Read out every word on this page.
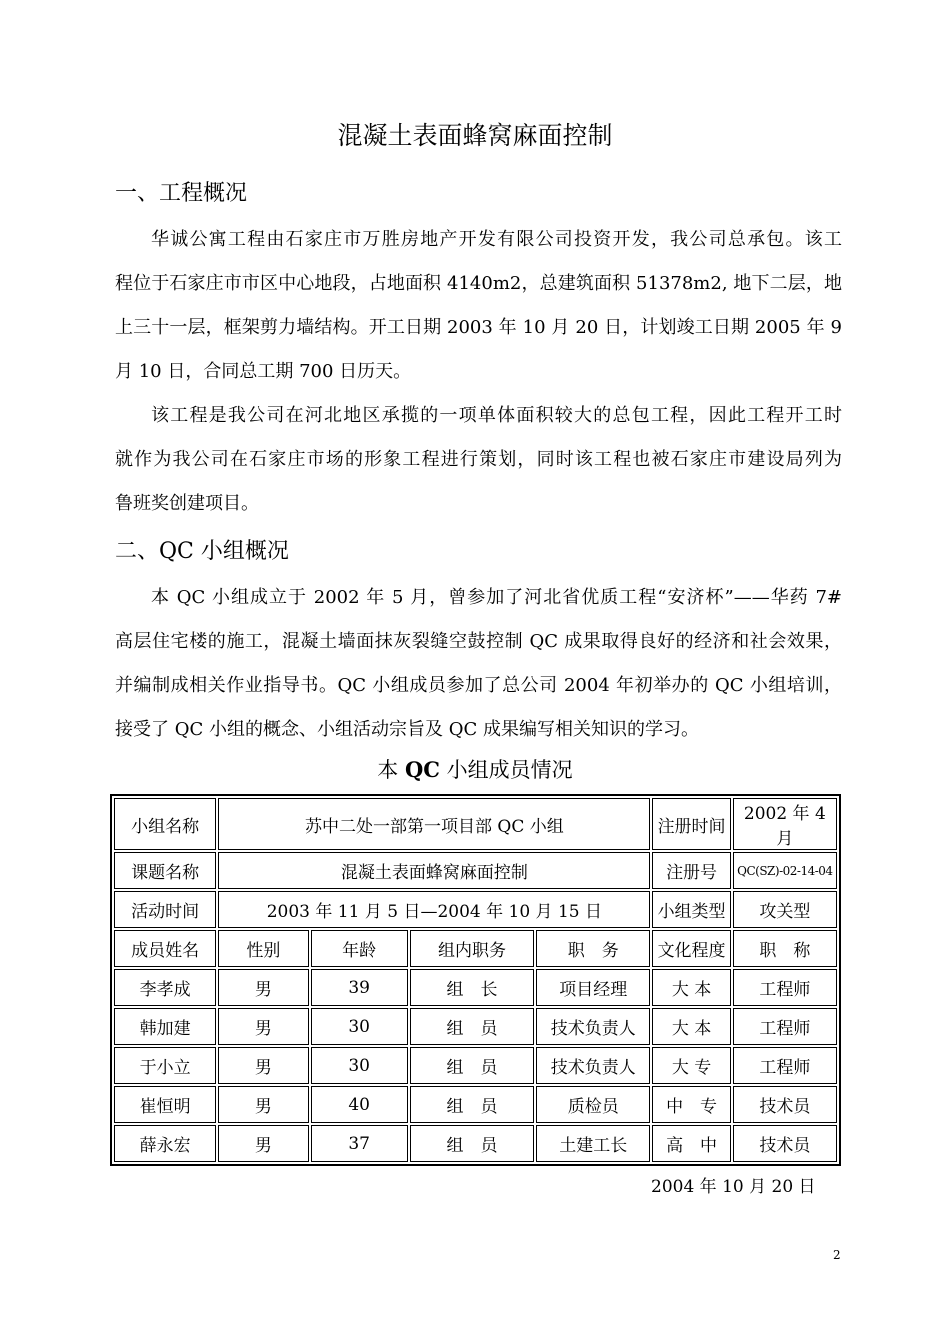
混凝土表面蜂窝麻面控制
一、工程概况
华诚公寓工程由石家庄市万胜房地产开发有限公司投资开发，我公司总承包。该工
程位于石家庄市市区中心地段，占地面积 4140m2，总建筑面积 51378m2, 地下二层，地
上三十一层，框架剪力墙结构。开工日期 2003 年 10 月 20 日，计划竣工日期 2005 年 9
月 10 日，合同总工期 700 日历天。
该工程是我公司在河北地区承揽的一项单体面积较大的总包工程，因此工程开工时
就作为我公司在石家庄市场的形象工程进行策划，同时该工程也被石家庄市建设局列为
鲁班奖创建项目。
二、QC 小组概况
本 QC 小组成立于 2002 年 5 月，曾参加了河北省优质工程“安济杯”——华药 7#
高层住宅楼的施工，混凝土墙面抹灰裂缝空鼓控制 QC 成果取得良好的经济和社会效果，
并编制成相关作业指导书。QC 小组成员参加了总公司 2004 年初举办的 QC 小组培训，
接受了 QC 小组的概念、小组活动宗旨及 QC 成果编写相关知识的学习。
本 QC 小组成员情况
小组名称	苏中二处一部第一项目部 QC 小组				注册时间	2002 年 4 月
课题名称	混凝土表面蜂窝麻面控制				注册号	QC(SZ)-02-14-04
活动时间	2003 年 11 月 5 日—2004 年 10 月 15 日				小组类型	攻关型
成员姓名	性别	年龄	组内职务	职　务	文化程度	职　称
李孝成	男	39	组　长	项目经理	大 本	工程师
韩加建	男	30	组　员	技术负责人	大 本	工程师
于小立	男	30	组　员	技术负责人	大 专	工程师
崔恒明	男	40	组　员	质检员	中　专	技术员
薛永宏	男	37	组　员	土建工长	高　中	技术员
2004 年 10 月 20 日
2
